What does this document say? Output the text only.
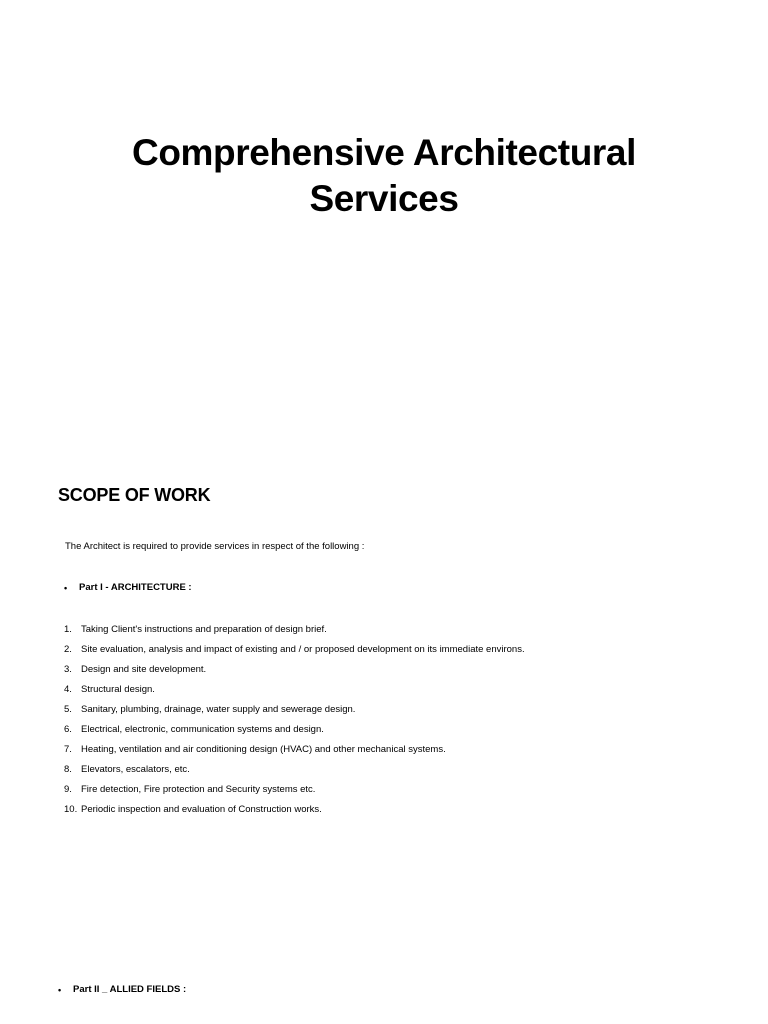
Comprehensive Architectural
Services
SCOPE OF WORK
The Architect is required to provide services in respect of the following :
•	Part I - ARCHITECTURE :
1. Taking Client's instructions and preparation of design brief.
2. Site evaluation, analysis and impact of existing and / or proposed development on its immediate environs.
3. Design and site development.
4. Structural design.
5. Sanitary, plumbing, drainage, water supply and sewerage design.
6. Electrical, electronic, communication systems and design.
7. Heating, ventilation and air conditioning design (HVAC) and other mechanical systems.
8. Elevators, escalators, etc.
9. Fire detection, Fire protection and Security systems etc.
10. Periodic inspection and evaluation of Construction works.
•	Part II _ ALLIED FIELDS :
